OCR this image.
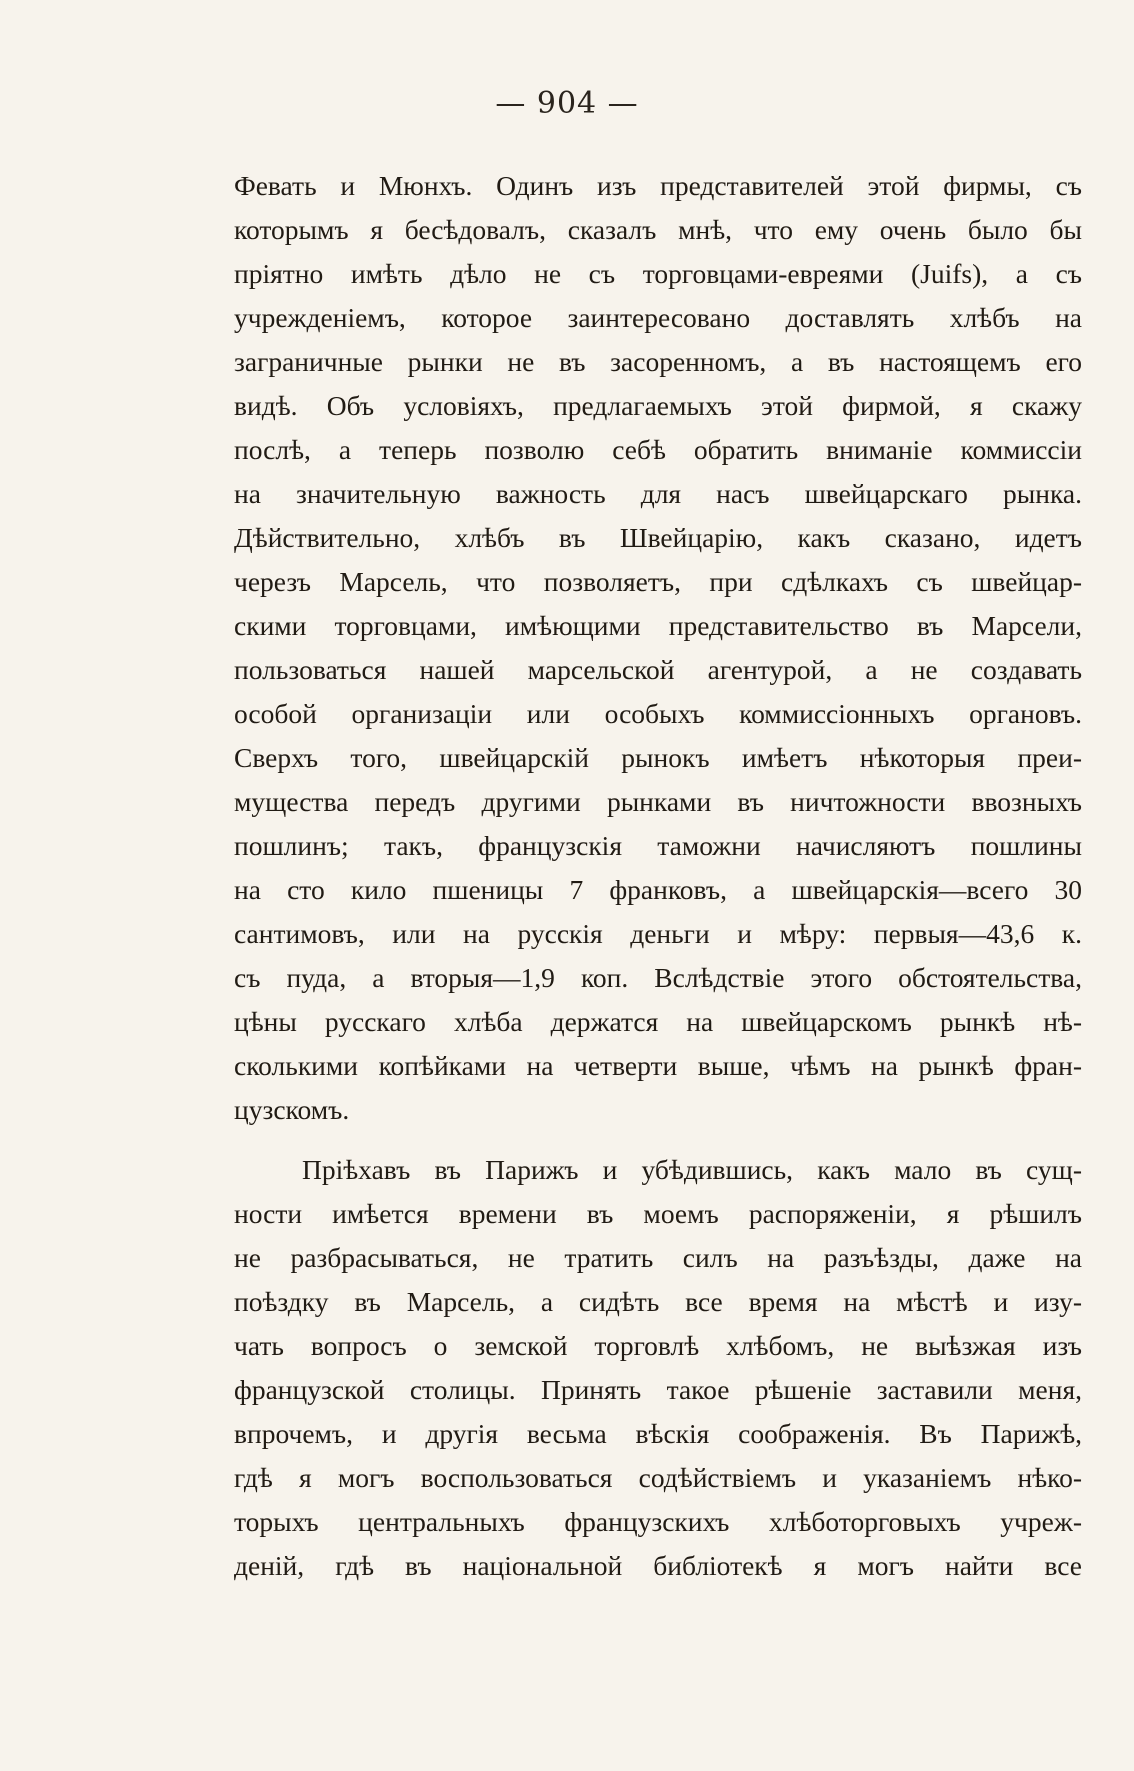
— 904 —
Февать и Мюнхъ. Одинъ изъ представителей этой фирмы, съ
которымъ я бесѣдовалъ, сказалъ мнѣ, что ему очень было бы
пріятно имѣть дѣло не съ торговцами-евреями (Juifs), а съ
учрежденіемъ, которое заинтересовано доставлять хлѣбъ на
заграничные рынки не въ засоренномъ, а въ настоящемъ его
видѣ. Объ условіяхъ, предлагаемыхъ этой фирмой, я скажу
послѣ, а теперь позволю себѣ обратить вниманіе коммиссіи
на значительную важность для насъ швейцарскаго рынка.
Дѣйствительно, хлѣбъ въ Швейцарію, какъ сказано, идетъ
черезъ Марсель, что позволяетъ, при сдѣлкахъ съ швейцар-
скими торговцами, имѣющими представительство въ Марсели,
пользоваться нашей марсельской агентурой, а не создавать
особой организаціи или особыхъ коммиссіонныхъ органовъ.
Сверхъ того, швейцарскій рынокъ имѣетъ нѣкоторыя преи-
мущества передъ другими рынками въ ничтожности ввозныхъ
пошлинъ; такъ, французскія таможни начисляютъ пошлины
на сто кило пшеницы 7 франковъ, а швейцарскія—всего 30
сантимовъ, или на русскія деньги и мѣру: первыя—43,6 к.
съ пуда, а вторыя—1,9 коп. Вслѣдствіе этого обстоятельства,
цѣны русскаго хлѣба держатся на швейцарскомъ рынкѣ нѣ-
сколькими копѣйками на четверти выше, чѣмъ на рынкѣ фран-
цузскомъ.
Пріѣхавъ въ Парижъ и убѣдившись, какъ мало въ сущ-
ности имѣется времени въ моемъ распоряженіи, я рѣшилъ
не разбрасываться, не тратить силъ на разъѣзды, даже на
поѣздку въ Марсель, а сидѣть все время на мѣстѣ и изу-
чать вопросъ о земской торговлѣ хлѣбомъ, не выѣзжая изъ
французской столицы. Принять такое рѣшеніе заставили меня,
впрочемъ, и другія весьма вѣскія соображенія. Въ Парижѣ,
гдѣ я могъ воспользоваться содѣйствіемъ и указаніемъ нѣко-
торыхъ центральныхъ французскихъ хлѣботорговыхъ учреж-
деній, гдѣ въ національной библіотекѣ я могъ найти все
